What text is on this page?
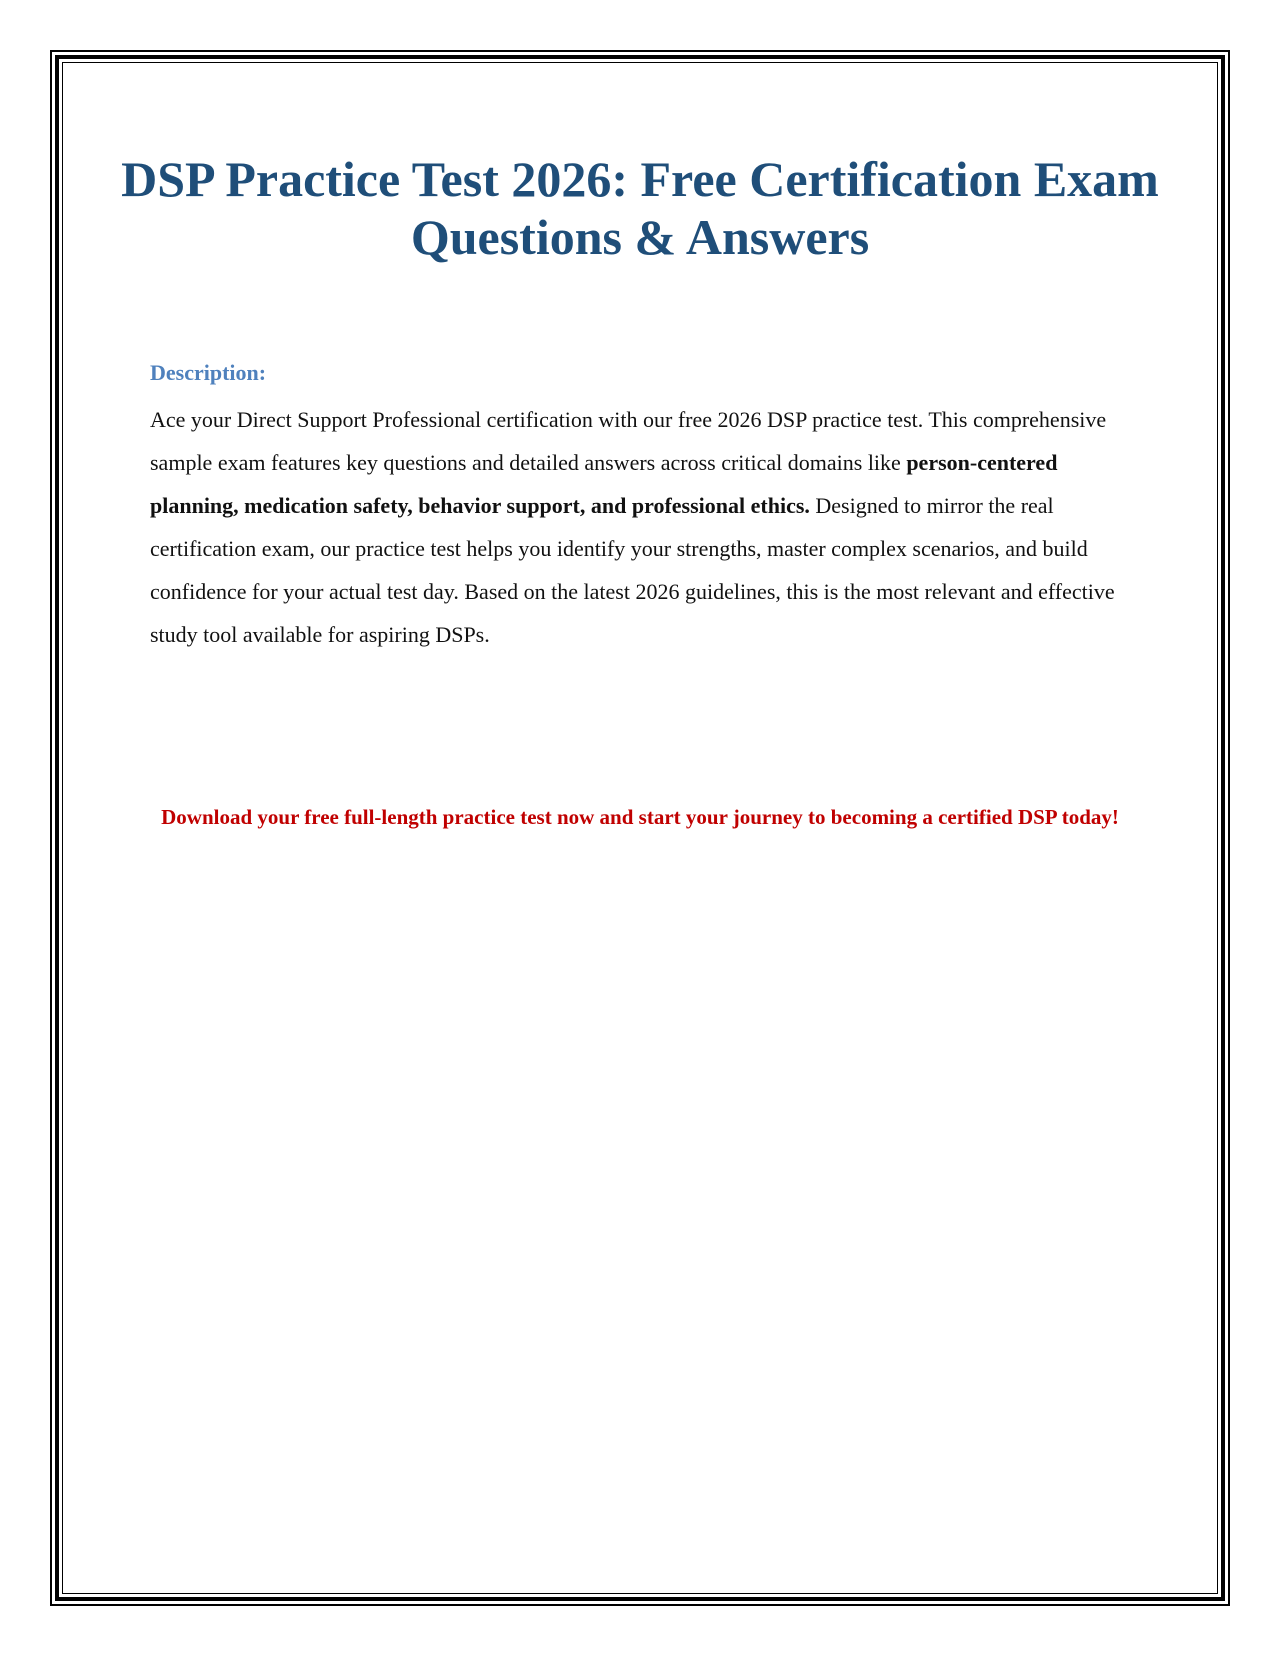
DSP Practice Test 2026: Free Certification Exam Questions & Answers

Description:

Ace your Direct Support Professional certification with our free 2026 DSP practice test. This comprehensive sample exam features key questions and detailed answers across critical domains like person-centered planning, medication safety, behavior support, and professional ethics. Designed to mirror the real certification exam, our practice test helps you identify your strengths, master complex scenarios, and build confidence for your actual test day. Based on the latest 2026 guidelines, this is the most relevant and effective study tool available for aspiring DSPs.

Download your free full-length practice test now and start your journey to becoming a certified DSP today!
